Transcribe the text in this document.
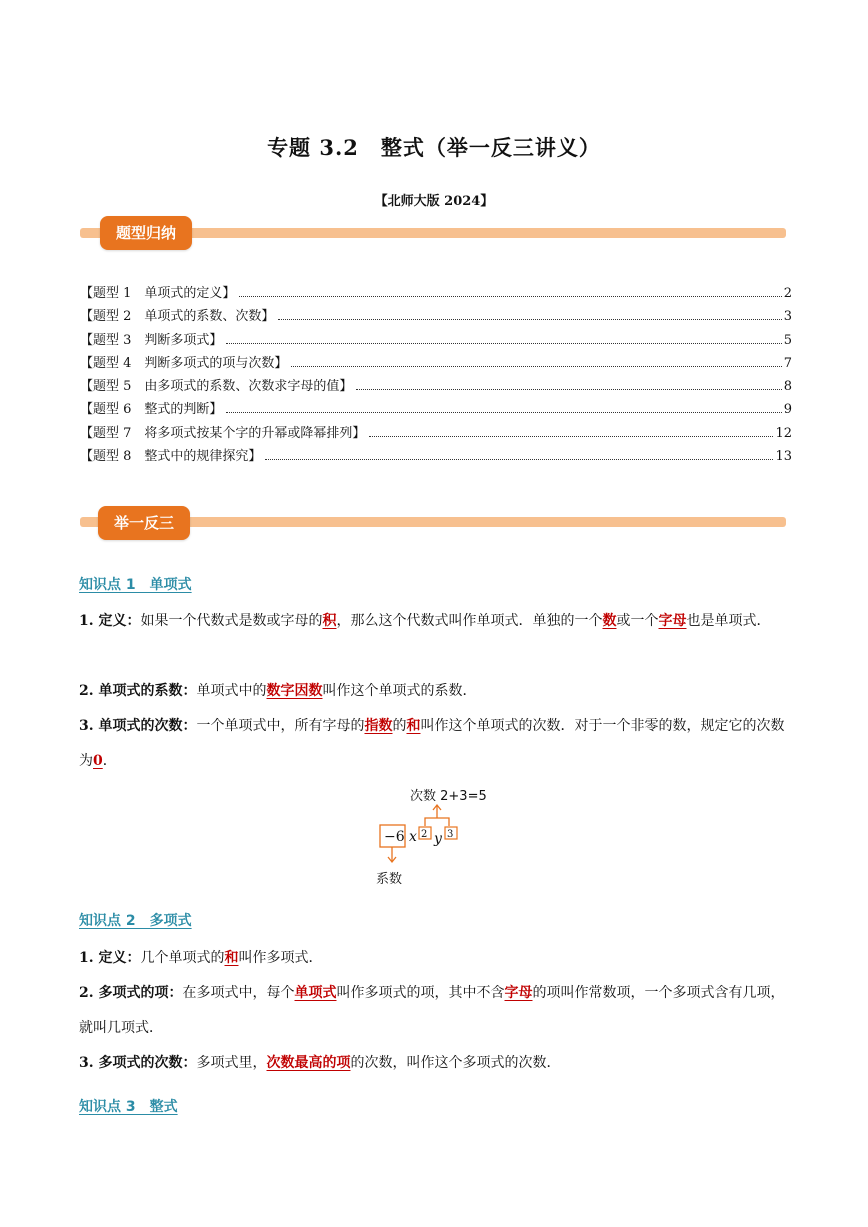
专题 3.2　整式（举一反三讲义）
【北师大版 2024】
题型归纳
【题型 1　单项式的定义】	2
【题型 2　单项式的系数、次数】	3
【题型 3　判断多项式】	5
【题型 4　判断多项式的项与次数】	7
【题型 5　由多项式的系数、次数求字母的值】	8
【题型 6　整式的判断】	9
【题型 7　将多项式按某个字的升幂或降幂排列】	12
【题型 8　整式中的规律探究】	13
举一反三
知识点 1　单项式
1. 定义：如果一个代数式是数或字母的积，那么这个代数式叫作单项式．单独的一个数或一个字母也是单项式．
2. 单项式的系数：单项式中的数字因数叫作这个单项式的系数．
3. 单项式的次数：一个单项式中，所有字母的指数的和叫作这个单项式的次数．对于一个非零的数，规定它的次数为0．
次数 2+3=5
−6 x 2 y 3
系数
知识点 2　多项式
1. 定义：几个单项式的和叫作多项式．
2. 多项式的项：在多项式中，每个单项式叫作多项式的项，其中不含字母的项叫作常数项，一个多项式含有几项，就叫几项式．
3. 多项式的次数：多项式里，次数最高的项的次数，叫作这个多项式的次数．
知识点 3　整式
